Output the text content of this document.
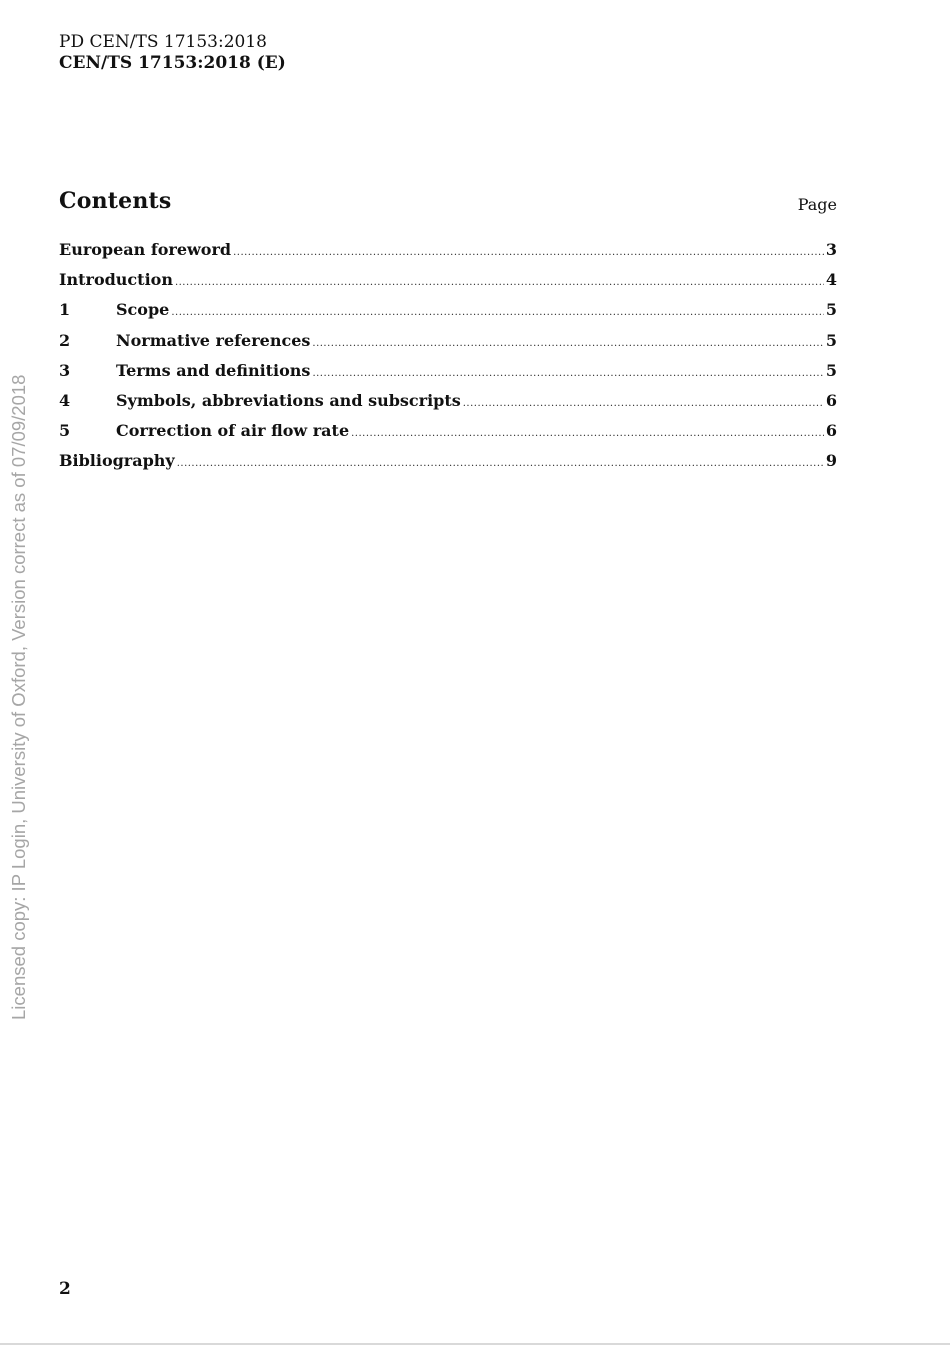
PD CEN/TS 17153:2018
CEN/TS 17153:2018 (E)
Contents	Page
European foreword .....	3
Introduction .....	4
1	Scope .....	5
2	Normative references .....	5
3	Terms and definitions .....	5
4	Symbols, abbreviations and subscripts .....	6
5	Correction of air flow rate .....	6
Bibliography .....	9
Licensed copy: IP Login, University of Oxford, Version correct as of 07/09/2018
2
